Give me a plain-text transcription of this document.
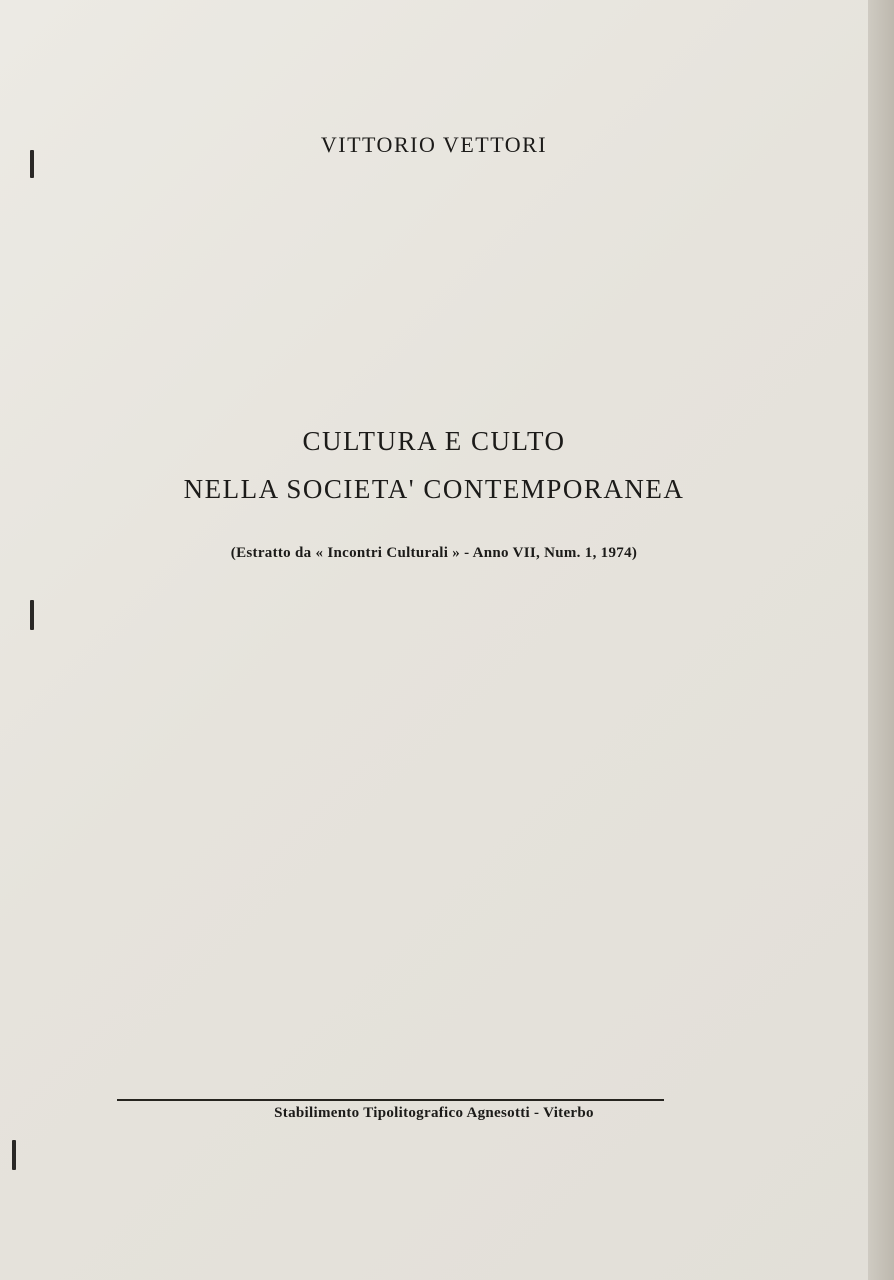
VITTORIO VETTORI
CULTURA E CULTO
NELLA SOCIETA' CONTEMPORANEA
(Estratto da « Incontri Culturali » - Anno VII, Num. 1, 1974)
Stabilimento Tipolitografico Agnesotti - Viterbo
